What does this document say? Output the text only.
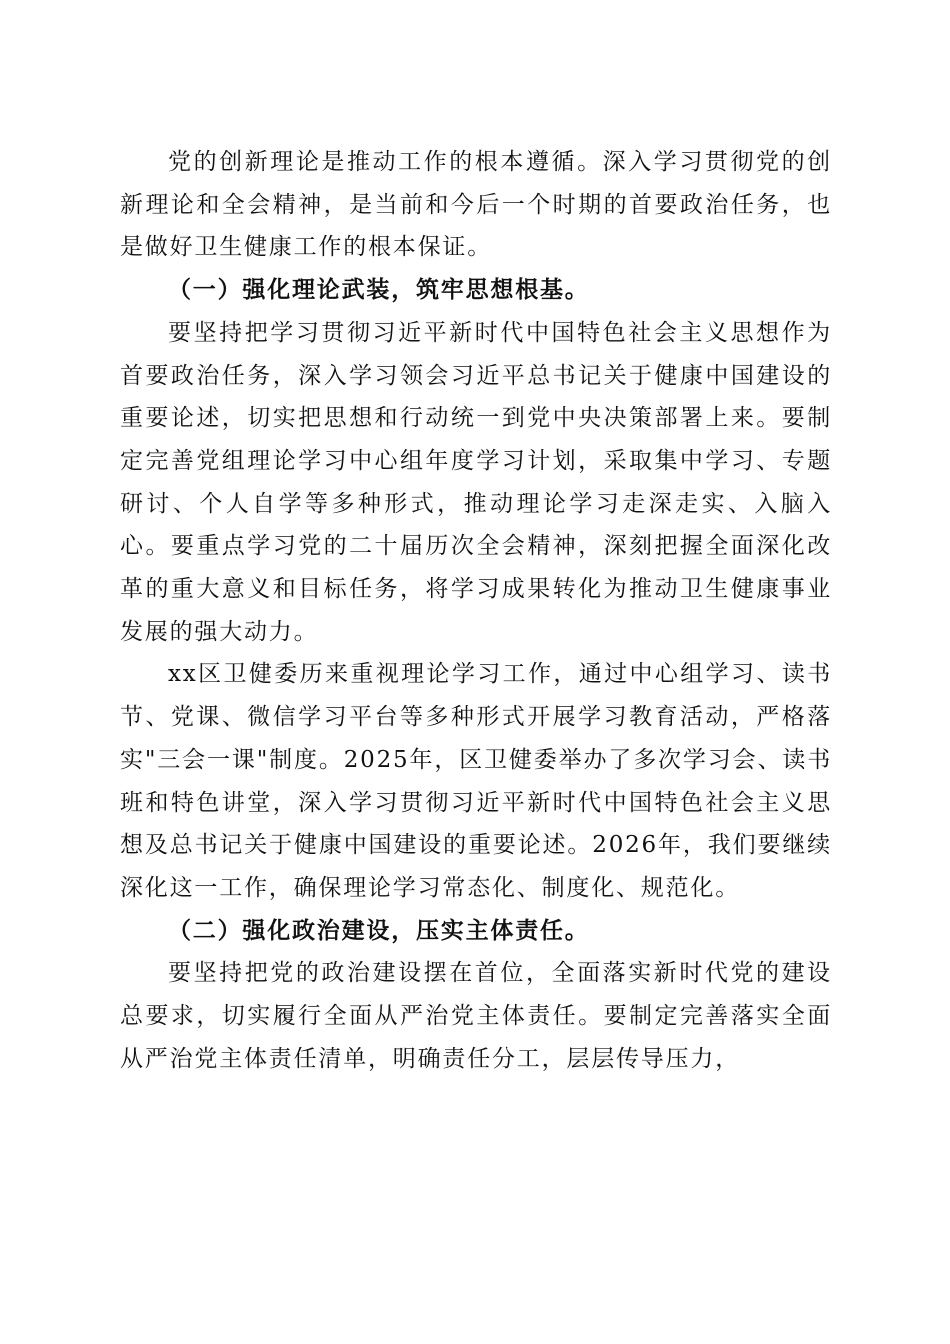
党的创新理论是推动工作的根本遵循。深入学习贯彻党的创新理论和全会精神，是当前和今后一个时期的首要政治任务，也是做好卫生健康工作的根本保证。

（一）强化理论武装，筑牢思想根基。

要坚持把学习贯彻习近平新时代中国特色社会主义思想作为首要政治任务，深入学习领会习近平总书记关于健康中国建设的重要论述，切实把思想和行动统一到党中央决策部署上来。要制定完善党组理论学习中心组年度学习计划，采取集中学习、专题研讨、个人自学等多种形式，推动理论学习走深走实、入脑入心。要重点学习党的二十届历次全会精神，深刻把握全面深化改革的重大意义和目标任务，将学习成果转化为推动卫生健康事业发展的强大动力。

xx区卫健委历来重视理论学习工作，通过中心组学习、读书节、党课、微信学习平台等多种形式开展学习教育活动，严格落实"三会一课"制度。2025年，区卫健委举办了多次学习会、读书班和特色讲堂，深入学习贯彻习近平新时代中国特色社会主义思想及总书记关于健康中国建设的重要论述。2026年，我们要继续深化这一工作，确保理论学习常态化、制度化、规范化。

（二）强化政治建设，压实主体责任。

要坚持把党的政治建设摆在首位，全面落实新时代党的建设总要求，切实履行全面从严治党主体责任。要制定完善落实全面从严治党主体责任清单，明确责任分工，层层传导压力，
